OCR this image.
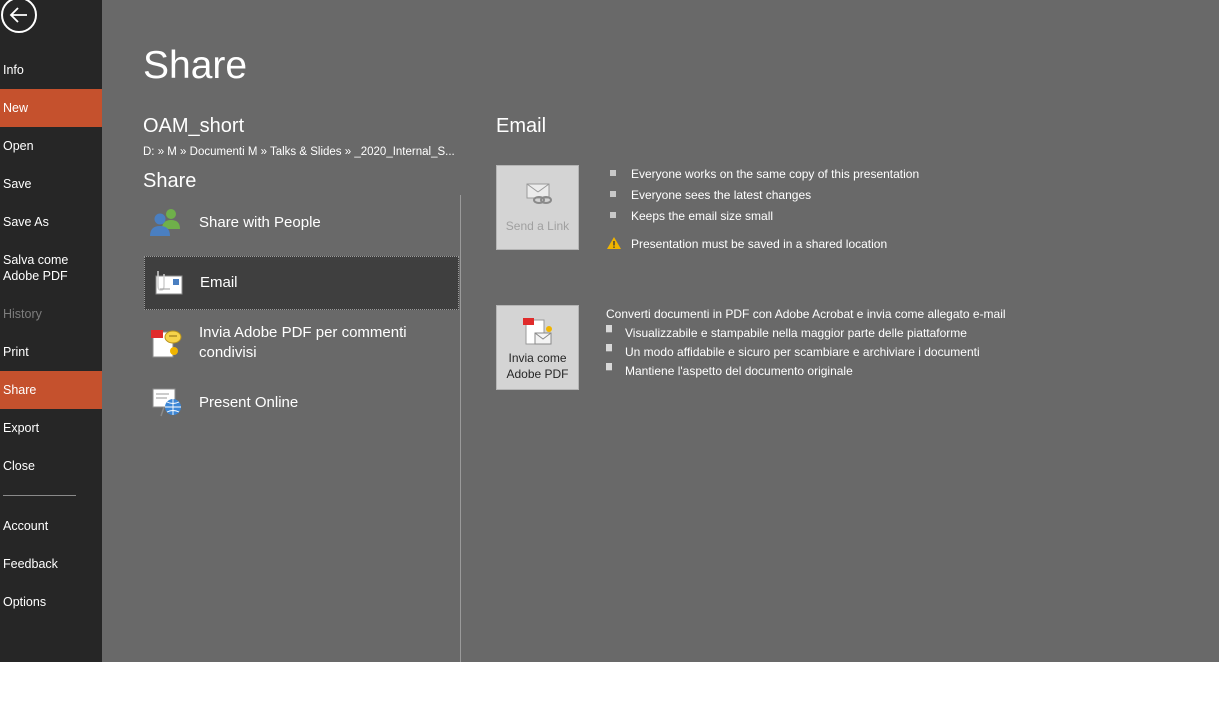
Info
New
Open
Save
Save As
Salva come Adobe PDF
History
Print
Share
Export
Close
Account
Feedback
Options
Share
OAM_short
D: » M » Documenti M » Talks & Slides » _2020_Internal_S...
Share
Share with People
Email
Invia Adobe PDF per commenti condivisi
Present Online
Email
Send a Link
Everyone works on the same copy of this presentation
Everyone sees the latest changes
Keeps the email size small
Presentation must be saved in a shared location
Invia come Adobe PDF
Converti documenti in PDF con Adobe Acrobat e invia come allegato e-mail
Visualizzabile e stampabile nella maggior parte delle piattaforme
Un modo affidabile e sicuro per scambiare e archiviare i documenti
Mantiene l'aspetto del documento originale
